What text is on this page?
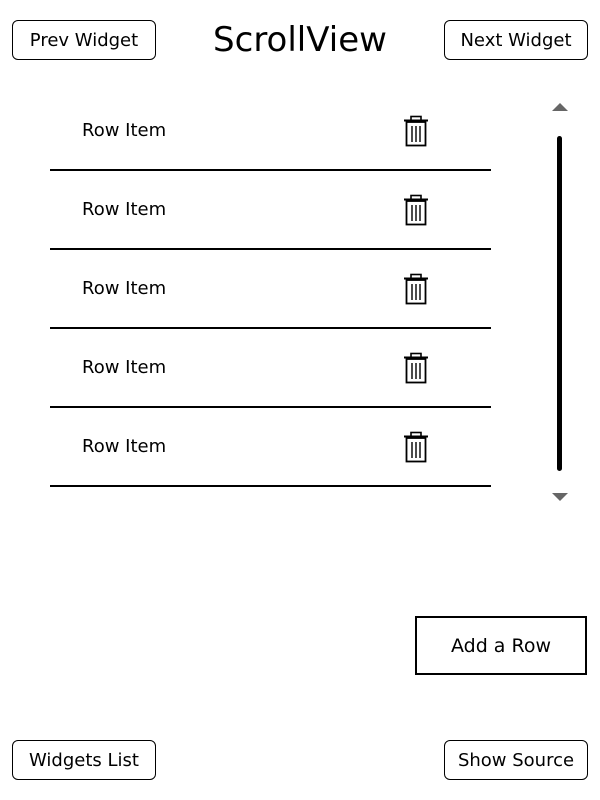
Prev Widget	ScrollView	Next Widget
Row Item
Row Item
Row Item
Row Item
Row Item
Add a Row
Widgets List	Show Source
